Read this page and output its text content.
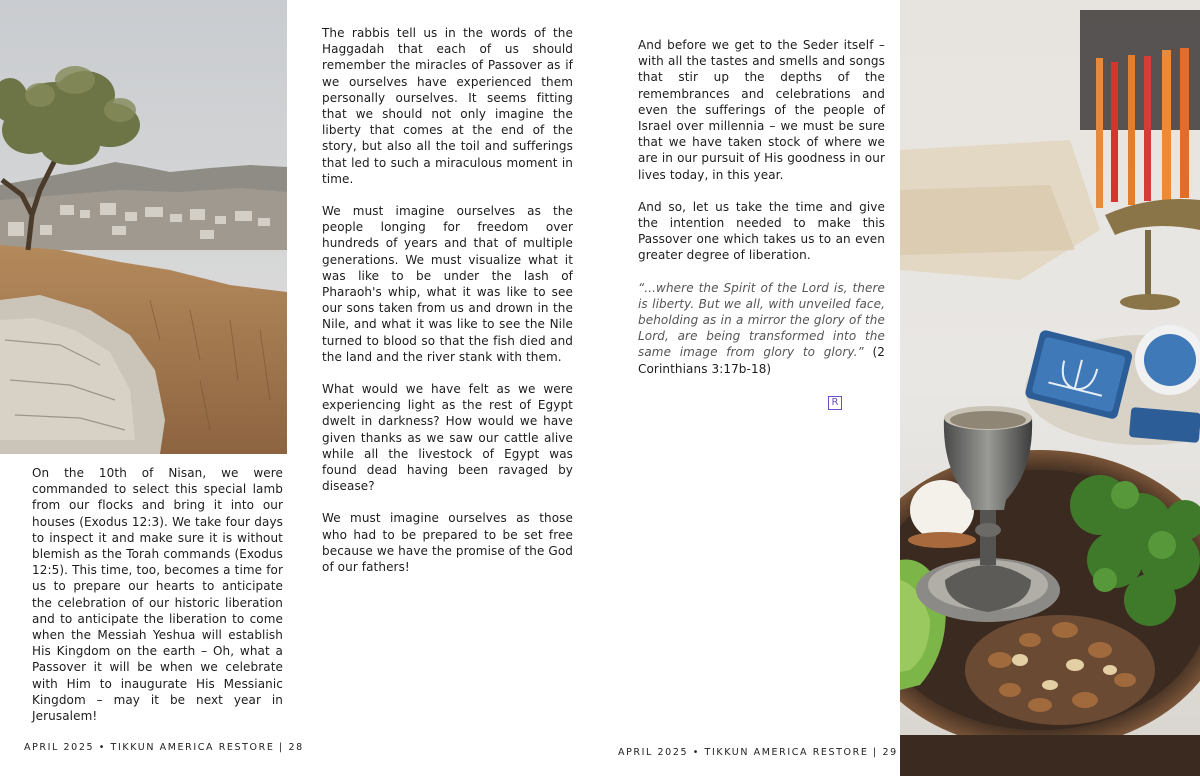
On the 10th of Nisan, we were commanded to select this special lamb from our flocks and bring it into our houses (Exodus 12:3). We take four days to inspect it and make sure it is without blemish as the Torah commands (Exodus 12:5). This time, too, becomes a time for us to prepare our hearts to anticipate the celebration of our historic liberation and to anticipate the liberation to come when the Messiah Yeshua will establish His Kingdom on the earth – Oh, what a Passover it will be when we celebrate with Him to inaugurate His Messianic Kingdom – may it be next year in Jerusalem!

The rabbis tell us in the words of the Haggadah that each of us should remember the miracles of Passover as if we ourselves have experienced them personally ourselves. It seems fitting that we should not only imagine the liberty that comes at the end of the story, but also all the toil and sufferings that led to such a miraculous moment in time.

We must imagine ourselves as the people longing for freedom over hundreds of years and that of multiple generations. We must visualize what it was like to be under the lash of Pharaoh's whip, what it was like to see our sons taken from us and drown in the Nile, and what it was like to see the Nile turned to blood so that the fish died and the land and the river stank with them.

What would we have felt as we were experiencing light as the rest of Egypt dwelt in darkness? How would we have given thanks as we saw our cattle alive while all the livestock of Egypt was found dead having been ravaged by disease?

We must imagine ourselves as those who had to be prepared to be set free because we have the promise of the God of our fathers!

And before we get to the Seder itself – with all the tastes and smells and songs that stir up the depths of the remembrances and celebrations and even the sufferings of the people of Israel over millennia – we must be sure that we have taken stock of where we are in our pursuit of His goodness in our lives today, in this year.

And so, let us take the time and give the intention needed to make this Passover one which takes us to an even greater degree of liberation.

“...where the Spirit of the Lord is, there is liberty. But we all, with unveiled face, beholding as in a mirror the glory of the Lord, are being transformed into the same image from glory to glory.” (2 Corinthians 3:17b-18)

R
APRIL 2025 • TIKKUN AMERICA RESTORE | 28	APRIL 2025 • TIKKUN AMERICA RESTORE | 29
